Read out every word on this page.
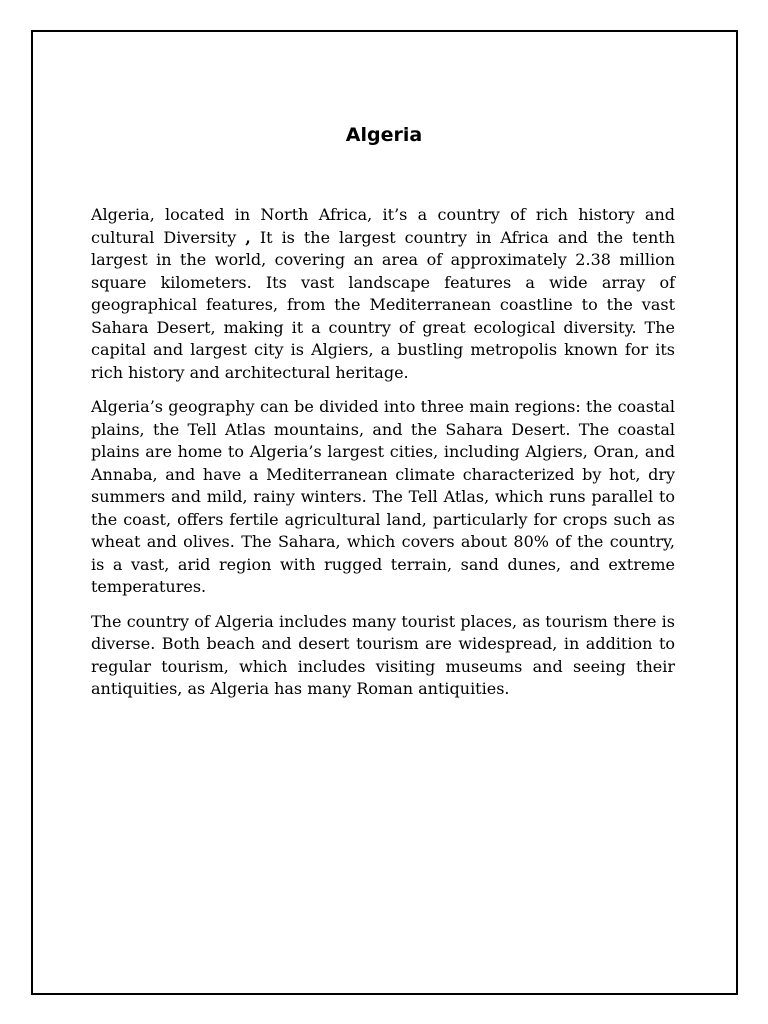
Algeria

Algeria, located in North Africa, it’s a country of rich history and cultural Diversity , It is the largest country in Africa and the tenth largest in the world, covering an area of approximately 2.38 million square kilometers. Its vast landscape features a wide array of geographical features, from the Mediterranean coastline to the vast Sahara Desert, making it a country of great ecological diversity. The capital and largest city is Algiers, a bustling metropolis known for its rich history and architectural heritage.

Algeria’s geography can be divided into three main regions: the coastal plains, the Tell Atlas mountains, and the Sahara Desert. The coastal plains are home to Algeria’s largest cities, including Algiers, Oran, and Annaba, and have a Mediterranean climate characterized by hot, dry summers and mild, rainy winters. The Tell Atlas, which runs parallel to the coast, offers fertile agricultural land, particularly for crops such as wheat and olives. The Sahara, which covers about 80% of the country, is a vast, arid region with rugged terrain, sand dunes, and extreme temperatures.

The country of Algeria includes many tourist places, as tourism there is diverse. Both beach and desert tourism are widespread, in addition to regular tourism, which includes visiting museums and seeing their antiquities, as Algeria has many Roman antiquities.
